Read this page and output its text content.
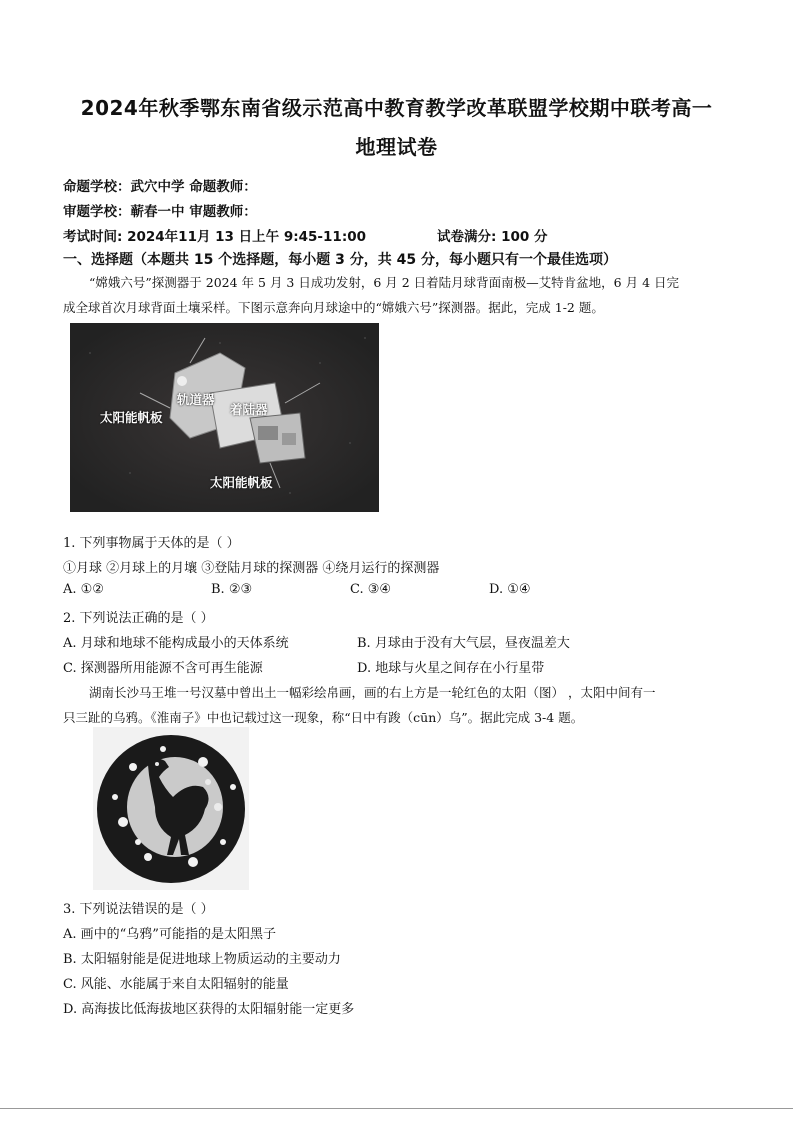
2024年秋季鄂东南省级示范高中教育教学改革联盟学校期中联考高一
地理试卷
命题学校：武穴中学 命题教师：
审题学校：蕲春一中 审题教师：
考试时间: 2024年11月 13 日上午 9:45-11:00	试卷满分: 100 分
一、选择题（本题共 15 个选择题，每小题 3 分，共 45 分，每小题只有一个最佳选项）
“嫦娥六号”探测器于 2024 年 5 月 3 日成功发射，6 月 2 日着陆月球背面南极—艾特肯盆地，6 月 4 日完
成全球首次月球背面土壤采样。下图示意奔向月球途中的“嫦娥六号”探测器。据此，完成 1-2 题。
轨道器
着陆器
太阳能帆板
太阳能帆板
1. 下列事物属于天体的是（ ）
①月球 ②月球上的月壤 ③登陆月球的探测器 ④绕月运行的探测器
A. ①②	B. ②③	C. ③④	D. ①④
2. 下列说法正确的是（ ）
A. 月球和地球不能构成最小的天体系统	B. 月球由于没有大气层，昼夜温差大
C. 探测器所用能源不含可再生能源	D. 地球与火星之间存在小行星带
湖南长沙马王堆一号汉墓中曾出土一幅彩绘帛画，画的右上方是一轮红色的太阳（图） ，太阳中间有一
只三趾的乌鸦。《淮南子》中也记载过这一现象，称“日中有踆（cūn）乌”。据此完成 3-4 题。
3. 下列说法错误的是（ ）
A. 画中的“乌鸦”可能指的是太阳黑子
B. 太阳辐射能是促进地球上物质运动的主要动力
C. 风能、水能属于来自太阳辐射的能量
D. 高海拔比低海拔地区获得的太阳辐射能一定更多
